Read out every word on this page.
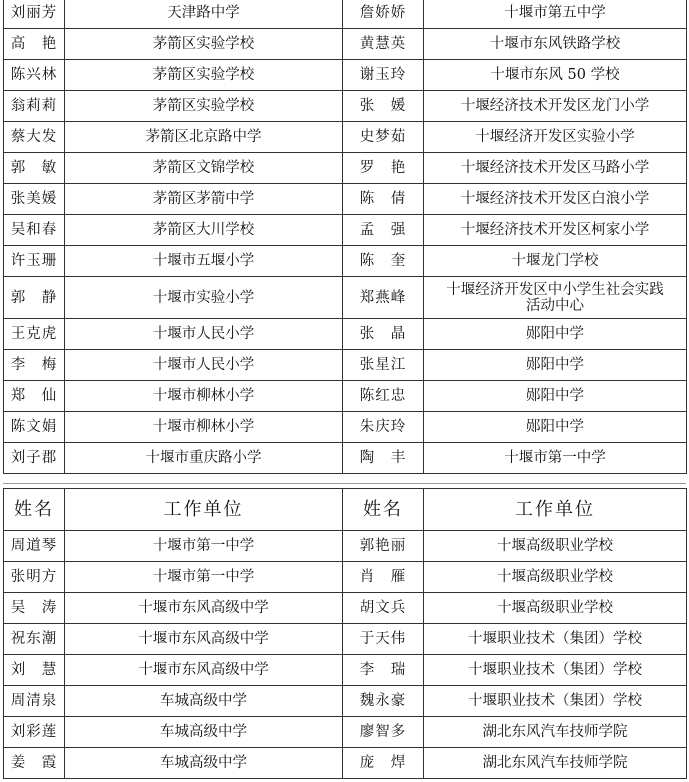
刘丽芳	天津路中学	詹娇娇	十堰市第五中学
高　艳	茅箭区实验学校	黄慧英	十堰市东风铁路学校
陈兴林	茅箭区实验学校	谢玉玲	十堰市东风 50 学校
翁莉莉	茅箭区实验学校	张　媛	十堰经济技术开发区龙门小学
蔡大发	茅箭区北京路中学	史梦茹	十堰经济开发区实验小学
郭　敏	茅箭区文锦学校	罗　艳	十堰经济技术开发区马路小学
张美媛	茅箭区茅箭中学	陈　倩	十堰经济技术开发区白浪小学
吴和春	茅箭区大川学校	孟　强	十堰经济技术开发区柯家小学
许玉珊	十堰市五堰小学	陈　奎	十堰龙门学校
郭　静	十堰市实验小学	郑燕峰	十堰经济开发区中小学生社会实践
活动中心
王克虎	十堰市人民小学	张　晶	郧阳中学
李　梅	十堰市人民小学	张星江	郧阳中学
郑　仙	十堰市柳林小学	陈红忠	郧阳中学
陈文娟	十堰市柳林小学	朱庆玲	郧阳中学
刘子郡	十堰市重庆路小学	陶　丰	十堰市第一中学
姓名	工作单位	姓名	工作单位
周道琴	十堰市第一中学	郭艳丽	十堰高级职业学校
张明方	十堰市第一中学	肖　雁	十堰高级职业学校
吴　涛	十堰市东风高级中学	胡文兵	十堰高级职业学校
祝东潮	十堰市东风高级中学	于天伟	十堰职业技术（集团）学校
刘　慧	十堰市东风高级中学	李　瑞	十堰职业技术（集团）学校
周清泉	车城高级中学	魏永豪	十堰职业技术（集团）学校
刘彩莲	车城高级中学	廖智多	湖北东风汽车技师学院
姜　霞	车城高级中学	庞　焊	湖北东风汽车技师学院
